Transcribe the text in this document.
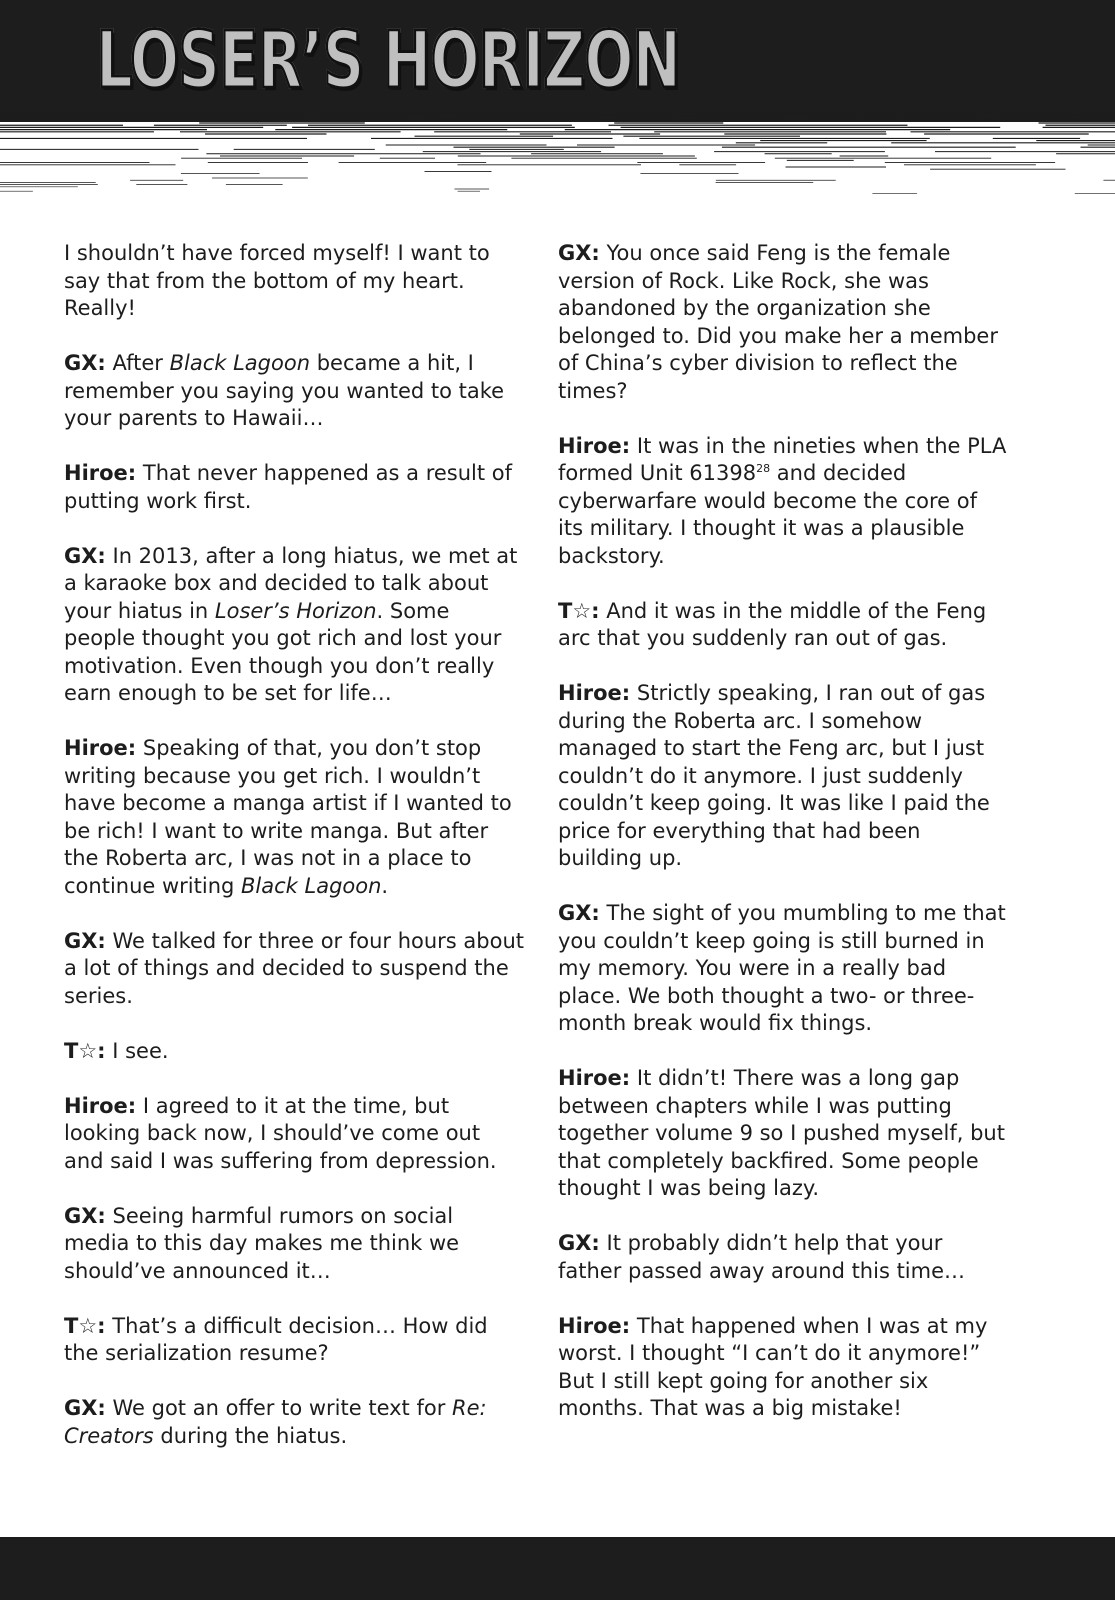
LOSER’S HORIZON

I shouldn’t have forced myself! I want to say that from the bottom of my heart. Really!

GX: After Black Lagoon became a hit, I remember you saying you wanted to take your parents to Hawaii…

Hiroe: That never happened as a result of putting work first.

GX: In 2013, after a long hiatus, we met at a karaoke box and decided to talk about your hiatus in Loser’s Horizon. Some people thought you got rich and lost your motivation. Even though you don’t really earn enough to be set for life…

Hiroe: Speaking of that, you don’t stop writing because you get rich. I wouldn’t have become a manga artist if I wanted to be rich! I want to write manga. But after the Roberta arc, I was not in a place to continue writing Black Lagoon.

GX: We talked for three or four hours about a lot of things and decided to suspend the series.

T☆: I see.

Hiroe: I agreed to it at the time, but looking back now, I should’ve come out and said I was suffering from depression.

GX: Seeing harmful rumors on social media to this day makes me think we should’ve announced it…

T☆: That’s a difficult decision… How did the serialization resume?

GX: We got an offer to write text for Re: Creators during the hiatus.

GX: You once said Feng is the female version of Rock. Like Rock, she was abandoned by the organization she belonged to. Did you make her a member of China’s cyber division to reflect the times?

Hiroe: It was in the nineties when the PLA formed Unit 61398$^{28}$ and decided cyberwarfare would become the core of its military. I thought it was a plausible backstory.

T☆: And it was in the middle of the Feng arc that you suddenly ran out of gas.

Hiroe: Strictly speaking, I ran out of gas during the Roberta arc. I somehow managed to start the Feng arc, but I just couldn’t do it anymore. I just suddenly couldn’t keep going. It was like I paid the price for everything that had been building up.

GX: The sight of you mumbling to me that you couldn’t keep going is still burned in my memory. You were in a really bad place. We both thought a two- or three-month break would fix things.

Hiroe: It didn’t! There was a long gap between chapters while I was putting together volume 9 so I pushed myself, but that completely backfired. Some people thought I was being lazy.

GX: It probably didn’t help that your father passed away around this time…

Hiroe: That happened when I was at my worst. I thought “I can’t do it anymore!” But I still kept going for another six months. That was a big mistake!
